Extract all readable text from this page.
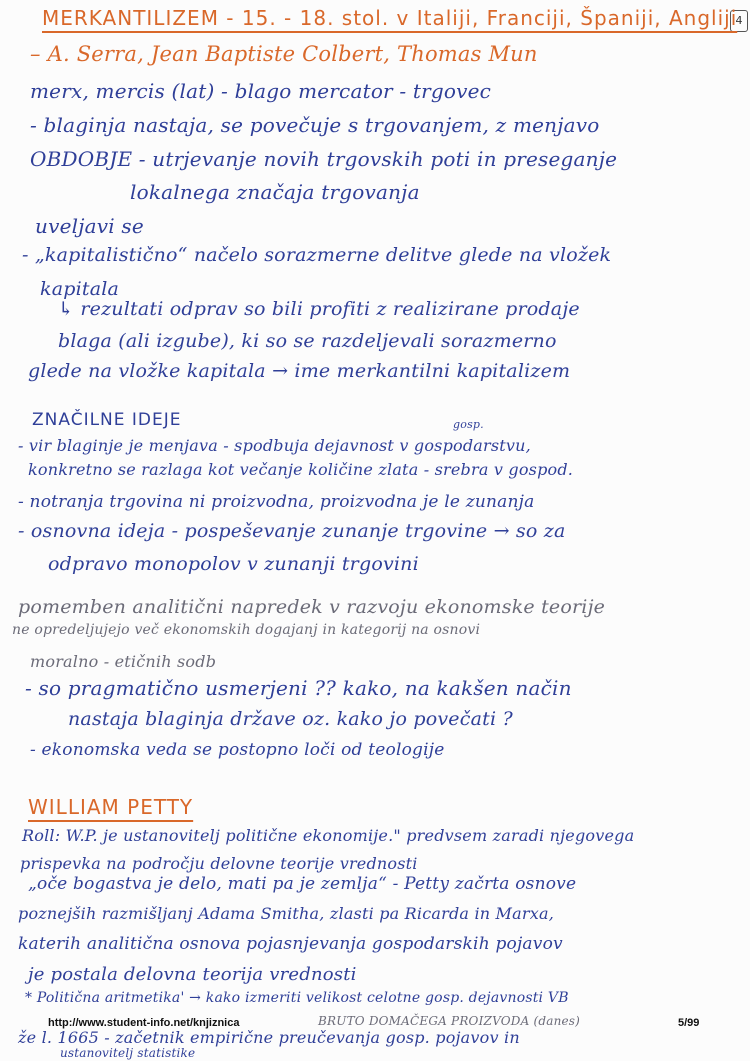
4
MERKANTILIZEM - 15. - 18. stol. v Italiji, Franciji, Španiji, Angliji
– A. Serra, Jean Baptiste Colbert, Thomas Mun
merx, mercis (lat) - blago mercator - trgovec
- blaginja nastaja, se povečuje s trgovanjem, z menjavo
OBDOBJE - utrjevanje novih trgovskih poti in preseganje
lokalnega značaja trgovanja
uveljavi se
- „kapitalistično“ načelo sorazmerne delitve glede na vložek
kapitala
↳ rezultati odprav so bili profiti z realizirane prodaje
blaga (ali izgube), ki so se razdeljevali sorazmerno
glede na vložke kapitala → ime merkantilni kapitalizem
ZNAČILNE IDEJE	gosp.
- vir blaginje je menjava - spodbuja dejavnost v gospodarstvu,
konkretno se razlaga kot večanje količine zlata - srebra v gospod.
- notranja trgovina ni proizvodna, proizvodna je le zunanja
- osnovna ideja - pospeševanje zunanje trgovine → so za
odpravo monopolov v zunanji trgovini
pomemben analitični napredek v razvoju ekonomske teorije
ne opredeljujejo več ekonomskih dogajanj in kategorij na osnovi
moralno - etičnih sodb
- so pragmatično usmerjeni ?? kako, na kakšen način
nastaja blaginja države oz. kako jo povečati ?
- ekonomska veda se postopno loči od teologije
WILLIAM PETTY
Roll: W.P. je ustanovitelj politične ekonomije." predvsem zaradi njegovega
prispevka na področju delovne teorije vrednosti
„oče bogastva je delo, mati pa je zemlja“ - Petty začrta osnove
poznejših razmišljanj Adama Smitha, zlasti pa Ricarda in Marxa,
katerih analitična osnova pojasnjevanja gospodarskih pojavov
je postala delovna teorija vrednosti
* Politična aritmetika' → kako izmeriti velikost celotne gosp. dejavnosti VB
BRUTO DOMAČEGA PROIZVODA (danes)
že l. 1665 - začetnik empirične preučevanja gosp. pojavov in
ustanovitelj statistike
http://www.student-info.net/knjiznica	5/99
